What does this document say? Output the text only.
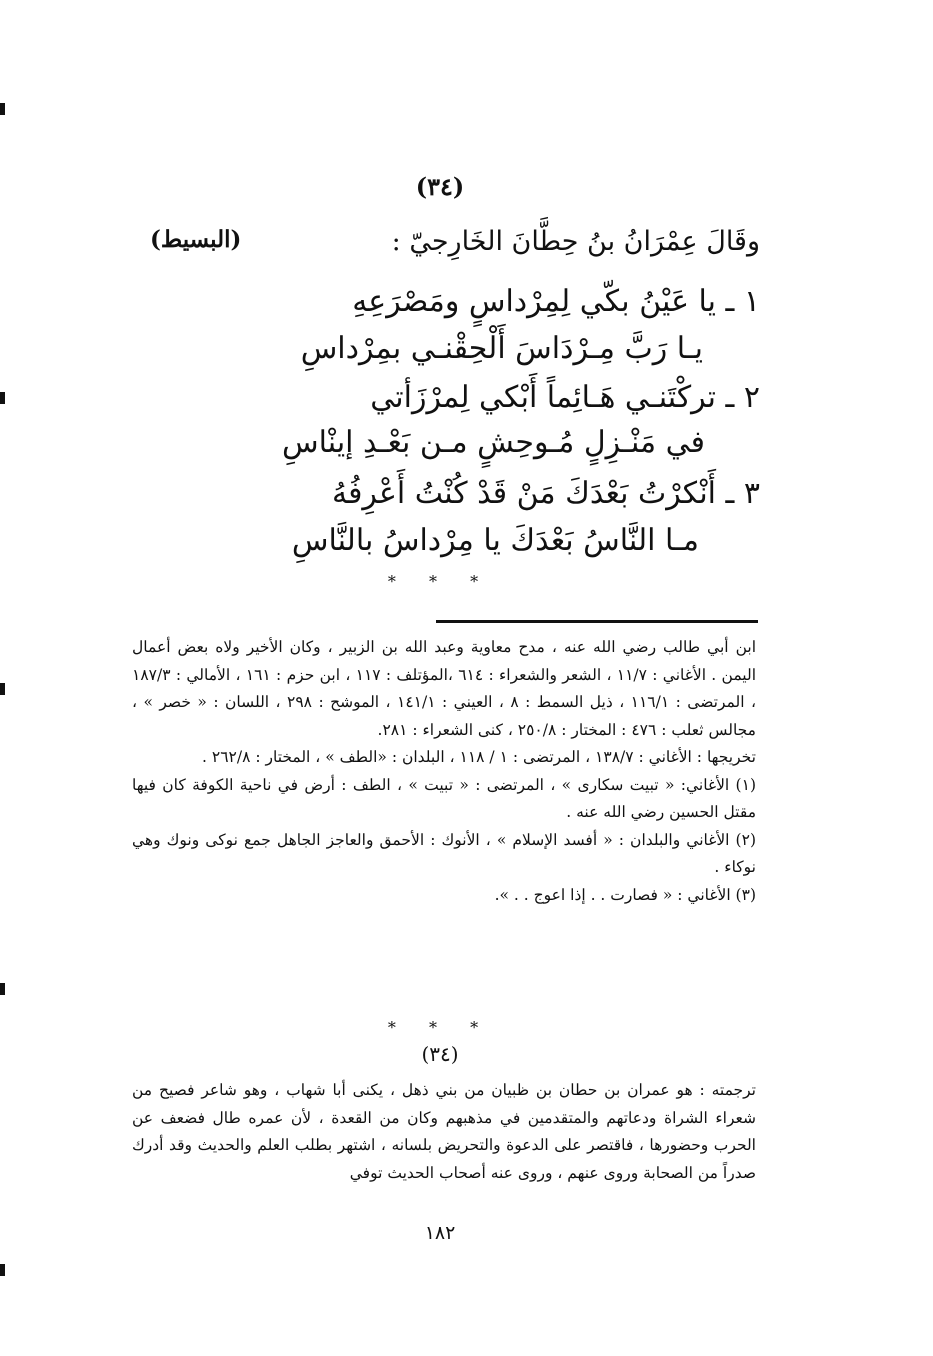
(٣٤)
وقَالَ عِمْرَانُ بنُ حِطَّانَ الخَارِجيّ :
(البسيط)
١ ـ يا عَيْنُ بكّي لِمِرْداسٍ ومَصْرَعِهِ
يـا رَبَّ مِـرْدَاسَ أَلْحِقْنـي بمِرْداسِ
٢ ـ تركْتَنـي هَـائِماً أَبْكي لِمرْزَأتي
في مَنْـزِلٍ مُـوحِشٍ مـن بَعْـدِ إينْاسِ
٣ ـ أَنْكرْتُ بَعْدَكَ مَنْ قَدْ كُنْتُ أَعْرِفُهُ
مـا النَّاسُ بَعْدَكَ يا مِرْداسُ بالنَّاسِ
* * *

ابن أبي طالب رضي الله عنه ، مدح معاوية وعبد الله بن الزبير ، وكان الأخير ولاه بعض أعمال اليمن . الأغاني : ١١/٧ ، الشعر والشعراء : ٦١٤ ،المؤتلف : ١١٧ ، ابن حزم : ١٦١ ، الأمالي : ١٨٧/٣ ، المرتضى : ١١٦/١ ، ذيل السمط : ٨ ، العيني : ١٤١/١ ، الموشح : ٢٩٨ ، اللسان : « خصر » ، مجالس ثعلب : ٤٧٦ : المختار : ٢٥٠/٨ ، كنى الشعراء : ٢٨١.

تخريجها : الأغاني : ١٣٨/٧ ، المرتضى : ١ / ١١٨ ، البلدان : «الطف » ، المختار : ٢٦٢/٨ .

(١) الأغاني: « تبيت سكارى » ، المرتضى : « تبيت » ، الطف : أرض في ناحية الكوفة كان فيها مقتل الحسين رضي الله عنه .

(٢) الأغاني والبلدان : « أفسد الإسلام » ، الأنوك : الأحمق والعاجز الجاهل جمع نوكى ونوك وهي نوكاء .

(٣) الأغاني : « فصارت . . إذا اعوج . . ».

* * *
(٣٤)

ترجمته : هو عمران بن حطان بن ظبيان من بني ذهل ، يكنى أبا شهاب ، وهو شاعر فصيح من شعراء الشراة ودعاتهم والمتقدمين في مذهبهم وكان من القعدة ، لأن عمره طال فضعف عن الحرب وحضورها ، فاقتصر على الدعوة والتحريض بلسانه ، اشتهر بطلب العلم والحديث وقد أدرك صدراً من الصحابة وروى عنهم ، وروى عنه أصحاب الحديث توفي

١٨٢
